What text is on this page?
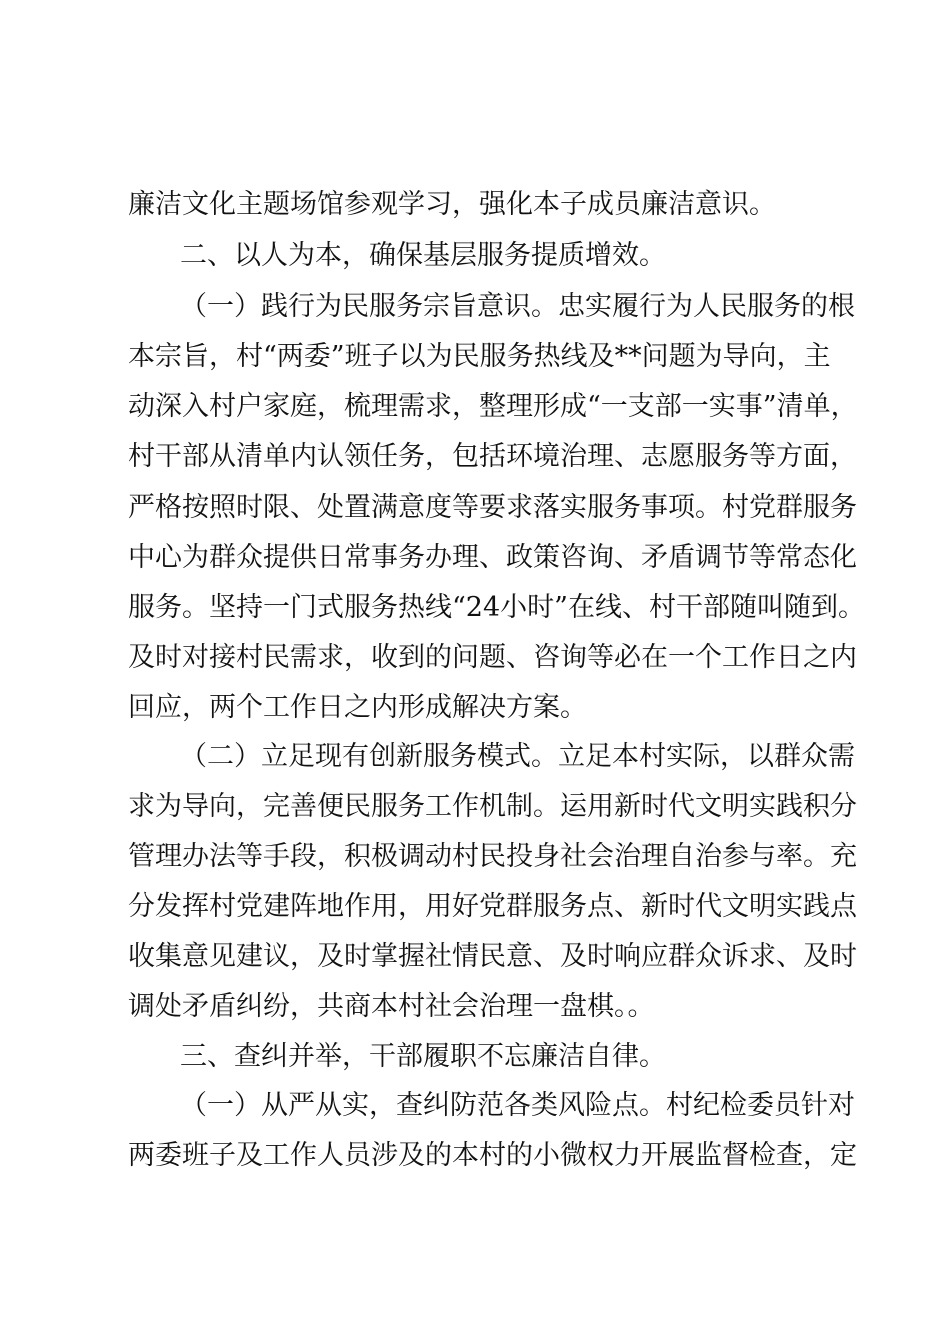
廉洁文化主题场馆参观学习，强化本子成员廉洁意识。
二、以人为本，确保基层服务提质增效。
（一）践行为民服务宗旨意识。忠实履行为人民服务的根
本宗旨，村“两委”班子以为民服务热线及**问题为导向，主
动深入村户家庭，梳理需求，整理形成“一支部一实事”清单，
村干部从清单内认领任务，包括环境治理、志愿服务等方面，
严格按照时限、处置满意度等要求落实服务事项。村党群服务
中心为群众提供日常事务办理、政策咨询、矛盾调节等常态化
服务。坚持一门式服务热线“24小时”在线、村干部随叫随到。
及时对接村民需求，收到的问题、咨询等必在一个工作日之内
回应，两个工作日之内形成解决方案。
（二）立足现有创新服务模式。立足本村实际，以群众需
求为导向，完善便民服务工作机制。运用新时代文明实践积分
管理办法等手段，积极调动村民投身社会治理自治参与率。充
分发挥村党建阵地作用，用好党群服务点、新时代文明实践点
收集意见建议，及时掌握社情民意、及时响应群众诉求、及时
调处矛盾纠纷，共商本村社会治理一盘棋。。
三、查纠并举，干部履职不忘廉洁自律。
（一）从严从实，查纠防范各类风险点。村纪检委员针对
两委班子及工作人员涉及的本村的小微权力开展监督检查，定
